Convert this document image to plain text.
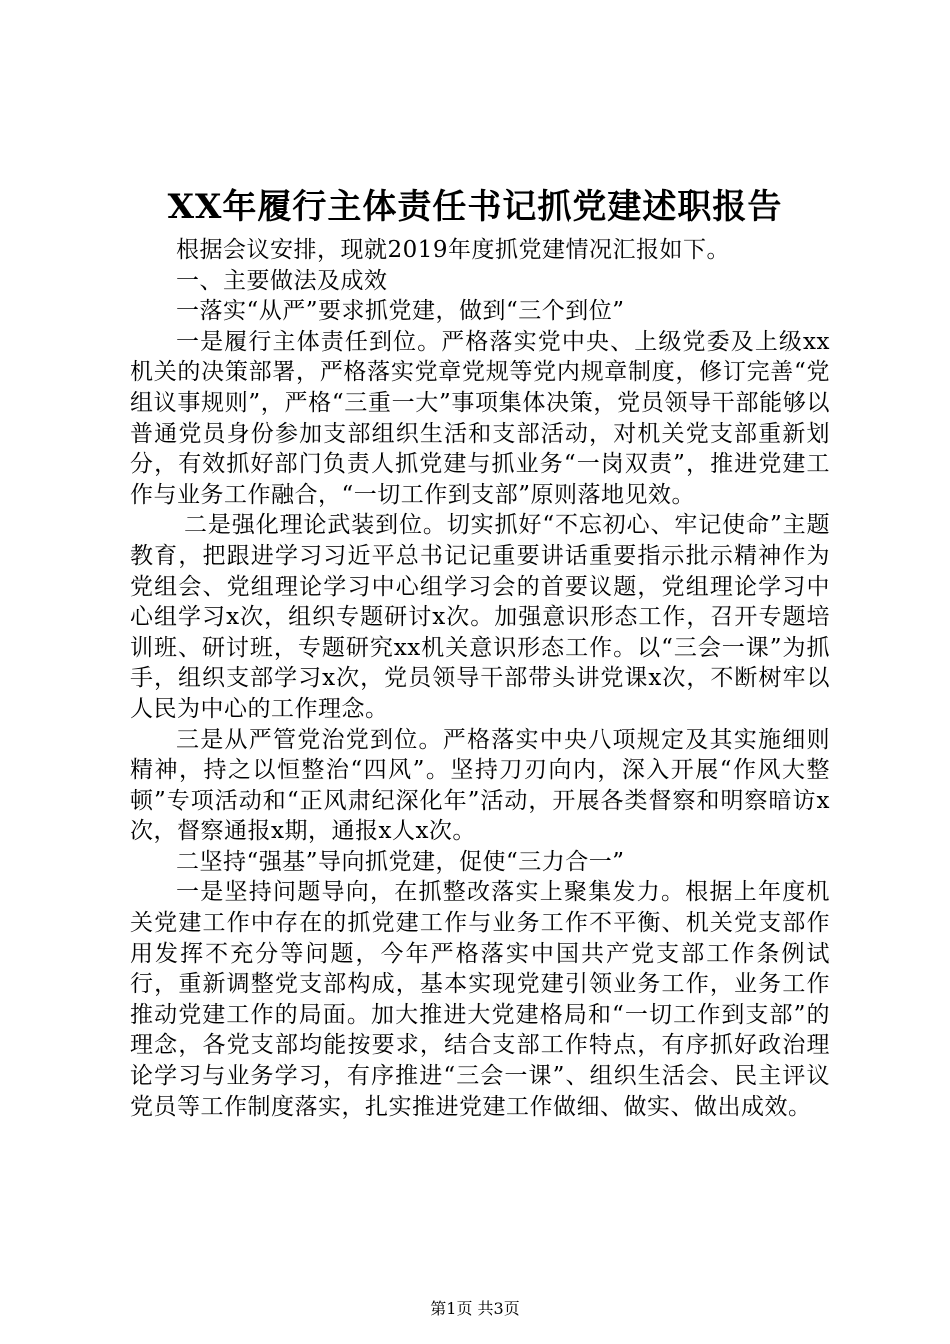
XX年履行主体责任书记抓党建述职报告

根据会议安排，现就2019年度抓党建情况汇报如下。

一、主要做法及成效

一落实“从严”要求抓党建，做到“三个到位”

一是履行主体责任到位。严格落实党中央、上级党委及上级xx机关的决策部署，严格落实党章党规等党内规章制度，修订完善“党组议事规则”，严格“三重一大”事项集体决策，党员领导干部能够以普通党员身份参加支部组织生活和支部活动，对机关党支部重新划分，有效抓好部门负责人抓党建与抓业务“一岗双责”，推进党建工作与业务工作融合，“一切工作到支部”原则落地见效。

二是强化理论武装到位。切实抓好“不忘初心、牢记使命”主题教育，把跟进学习习近平总书记记重要讲话重要指示批示精神作为党组会、党组理论学习中心组学习会的首要议题，党组理论学习中心组学习x次，组织专题研讨x次。加强意识形态工作，召开专题培训班、研讨班，专题研究xx机关意识形态工作。以“三会一课”为抓手，组织支部学习x次，党员领导干部带头讲党课x次，不断树牢以人民为中心的工作理念。

三是从严管党治党到位。严格落实中央八项规定及其实施细则精神，持之以恒整治“四风”。坚持刀刃向内，深入开展“作风大整顿”专项活动和“正风肃纪深化年”活动，开展各类督察和明察暗访x次，督察通报x期，通报x人x次。

二坚持“强基”导向抓党建，促使“三力合一”

一是坚持问题导向，在抓整改落实上聚集发力。根据上年度机关党建工作中存在的抓党建工作与业务工作不平衡、机关党支部作用发挥不充分等问题，今年严格落实中国共产党支部工作条例试行，重新调整党支部构成，基本实现党建引领业务工作，业务工作推动党建工作的局面。加大推进大党建格局和“一切工作到支部”的理念，各党支部均能按要求，结合支部工作特点，有序抓好政治理论学习与业务学习，有序推进“三会一课”、组织生活会、民主评议党员等工作制度落实，扎实推进党建工作做细、做实、做出成效。

第1页 共3页
